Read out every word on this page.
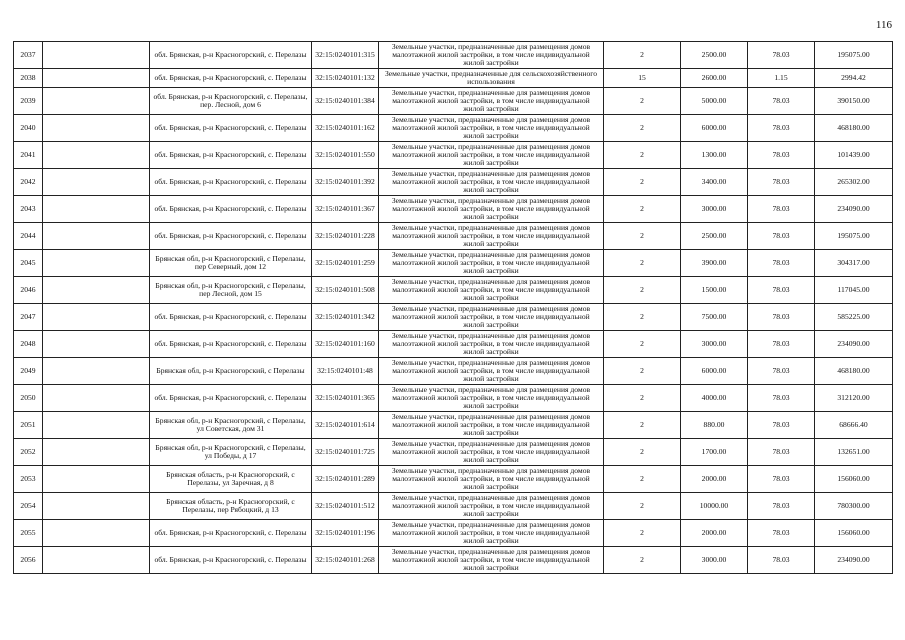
116
2037		обл. Брянская, р-н Красногорский, с. Перелазы	32:15:0240101:315	Земельные участки, предназначенные для размещения домов малоэтажной жилой застройки, в том числе индивидуальной жилой застройки	2	2500.00	78.03	195075.00
2038		обл. Брянская, р-н Красногорский, с. Перелазы	32:15:0240101:132	Земельные участки, предназначенные для сельскохозяйственного использования	15	2600.00	1.15	2994.42
2039		обл. Брянская, р-н Красногорский, с. Перелазы, пер. Лесной, дом 6	32:15:0240101:384	Земельные участки, предназначенные для размещения домов малоэтажной жилой застройки, в том числе индивидуальной жилой застройки	2	5000.00	78.03	390150.00
2040		обл. Брянская, р-н Красногорский, с. Перелазы	32:15:0240101:162	Земельные участки, предназначенные для размещения домов малоэтажной жилой застройки, в том числе индивидуальной жилой застройки	2	6000.00	78.03	468180.00
2041		обл. Брянская, р-н Красногорский, с. Перелазы	32:15:0240101:550	Земельные участки, предназначенные для размещения домов малоэтажной жилой застройки, в том числе индивидуальной жилой застройки	2	1300.00	78.03	101439.00
2042		обл. Брянская, р-н Красногорский, с. Перелазы	32:15:0240101:392	Земельные участки, предназначенные для размещения домов малоэтажной жилой застройки, в том числе индивидуальной жилой застройки	2	3400.00	78.03	265302.00
2043		обл. Брянская, р-н Красногорский, с. Перелазы	32:15:0240101:367	Земельные участки, предназначенные для размещения домов малоэтажной жилой застройки, в том числе индивидуальной жилой застройки	2	3000.00	78.03	234090.00
2044		обл. Брянская, р-н Красногорский, с. Перелазы	32:15:0240101:228	Земельные участки, предназначенные для размещения домов малоэтажной жилой застройки, в том числе индивидуальной жилой застройки	2	2500.00	78.03	195075.00
2045		Брянская обл, р-н Красногорский, с Перелазы, пер Северный, дом 12	32:15:0240101:259	Земельные участки, предназначенные для размещения домов малоэтажной жилой застройки, в том числе индивидуальной жилой застройки	2	3900.00	78.03	304317.00
2046		Брянская обл, р-н Красногорский, с Перелазы, пер Лесной, дом 15	32:15:0240101:508	Земельные участки, предназначенные для размещения домов малоэтажной жилой застройки, в том числе индивидуальной жилой застройки	2	1500.00	78.03	117045.00
2047		обл. Брянская, р-н Красногорский, с. Перелазы	32:15:0240101:342	Земельные участки, предназначенные для размещения домов малоэтажной жилой застройки, в том числе индивидуальной жилой застройки	2	7500.00	78.03	585225.00
2048		обл. Брянская, р-н Красногорский, с. Перелазы	32:15:0240101:160	Земельные участки, предназначенные для размещения домов малоэтажной жилой застройки, в том числе индивидуальной жилой застройки	2	3000.00	78.03	234090.00
2049		Брянская обл, р-н Красногорский, с Перелазы	32:15:0240101:48	Земельные участки, предназначенные для размещения домов малоэтажной жилой застройки, в том числе индивидуальной жилой застройки	2	6000.00	78.03	468180.00
2050		обл. Брянская, р-н Красногорский, с. Перелазы	32:15:0240101:365	Земельные участки, предназначенные для размещения домов малоэтажной жилой застройки, в том числе индивидуальной жилой застройки	2	4000.00	78.03	312120.00
2051		Брянская обл, р-н Красногорский, с Перелазы, ул Советская, дом 31	32:15:0240101:614	Земельные участки, предназначенные для размещения домов малоэтажной жилой застройки, в том числе индивидуальной жилой застройки	2	880.00	78.03	68666.40
2052		Брянская обл, р-н Красногорский, с Перелазы, ул Победы, д 17	32:15:0240101:725	Земельные участки, предназначенные для размещения домов малоэтажной жилой застройки, в том числе индивидуальной жилой застройки	2	1700.00	78.03	132651.00
2053		Брянская область, р-н Красногорский, с Перелазы, ул Заречная, д 8	32:15:0240101:289	Земельные участки, предназначенные для размещения домов малоэтажной жилой застройки, в том числе индивидуальной жилой застройки	2	2000.00	78.03	156060.00
2054		Брянская область, р-н Красногорский, с Перелазы, пер Рябоцкий, д 13	32:15:0240101:512	Земельные участки, предназначенные для размещения домов малоэтажной жилой застройки, в том числе индивидуальной жилой застройки	2	10000.00	78.03	780300.00
2055		обл. Брянская, р-н Красногорский, с. Перелазы	32:15:0240101:196	Земельные участки, предназначенные для размещения домов малоэтажной жилой застройки, в том числе индивидуальной жилой застройки	2	2000.00	78.03	156060.00
2056		обл. Брянская, р-н Красногорский, с. Перелазы	32:15:0240101:268	Земельные участки, предназначенные для размещения домов малоэтажной жилой застройки, в том числе индивидуальной жилой застройки	2	3000.00	78.03	234090.00
